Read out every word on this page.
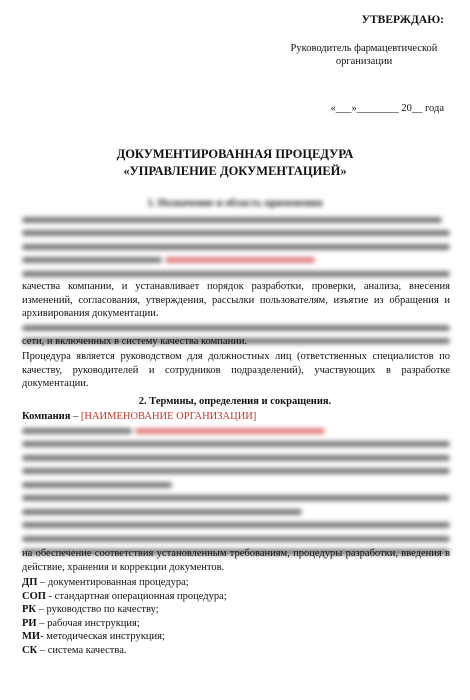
УТВЕРЖДАЮ:
Руководитель фармацевтической организации
«___»________ 20__ года
ДОКУМЕНТИРОВАННАЯ ПРОЦЕДУРА
«УПРАВЛЕНИЕ ДОКУМЕНТАЦИЕЙ»
1. Назначение и область применения

качества компании, и устанавливает порядок разработки, проверки, анализа, внесения изменений, согласования, утверждения, рассылки пользователям, изъятие из обращения и архивирования документации.
сети, и включенных в систему качества компании.
Процедура является руководством для должностных лиц (ответственных специалистов по качеству, руководителей и сотрудников подразделений), участвующих в разработке документации.
2. Термины, определения и сокращения.
Компания – [НАИМЕНОВАНИЕ ОРГАНИЗАЦИИ]

на обеспечение соответствия установленным требованиям, процедуры разработки, введения в действие, хранения и коррекции документов.
ДП – документированная процедура;
СОП - стандартная операционная процедура;
РК – руководство по качеству;
РИ – рабочая инструкция;
МИ- методическая инструкция;
СК – система качества.
